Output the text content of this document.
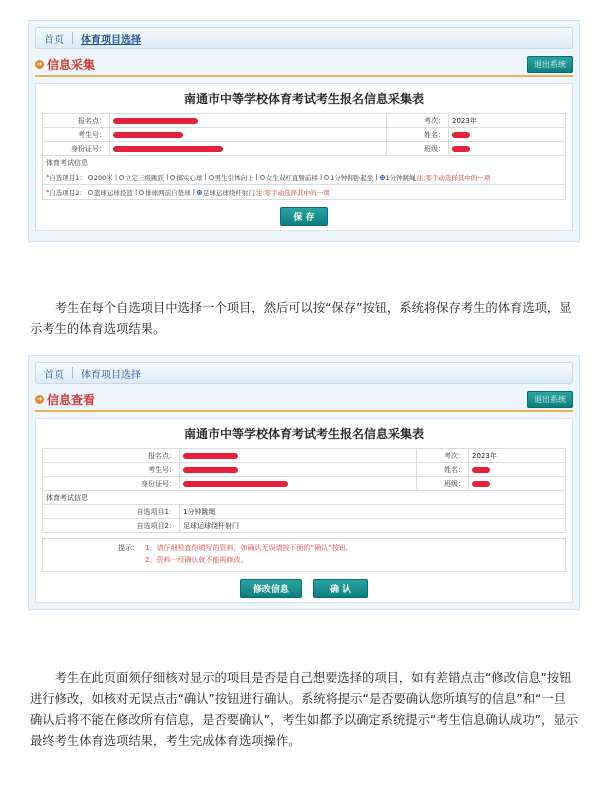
首页	体育项目选择
➜ 信息采集	退出系统
南通市中等学校体育考试考生报名信息采集表
报名点：		考次：	2023年
考生号：		姓名：	
身份证号：		班级：	
体育考试信息
* 自选项目1： 200米 | 立定三级跳跃 | 掷实心球 | 男生引体向上 | 女生双杠直臂前移 | 1分钟仰卧起坐 | 1分钟跳绳 注:零手动选择其中的一项
* 自选项目2： 篮球运球投篮 | 排球网前自垫球 | 足球运球绕杆射门 注:零手动选择其中的一项
保 存

考生在每个自选项目中选择一个项目，然后可以按“保存”按钮，系统将保存考生的体育选项，显示考生的体育选项结果。

首页	体育项目选择
➜ 信息查看	退出系统
南通市中等学校体育考试考生报名信息采集表
报名点：		考次：	2023年
考生号：		姓名：	
身份证号：		班级：	
体育考试信息			
自选项目1：	1分钟跳绳		
自选项目2：	足球运球绕杆射门		
提示： 1、请仔细检查你填写的资料，如确认无误请按下面的“确认”按钮。
2、资料一经确认就不能再修改。
修改信息	确 认

考生在此页面须仔细核对显示的项目是否是自己想要选择的项目，如有差错点击“修改信息”按钮进行修改，如核对无误点击“确认”按钮进行确认。系统将提示“是否要确认您所填写的信息”和“一旦确认后将不能在修改所有信息，是否要确认”，考生如都予以确定系统提示“考生信息确认成功”，显示最终考生体育选项结果，考生完成体育选项操作。
